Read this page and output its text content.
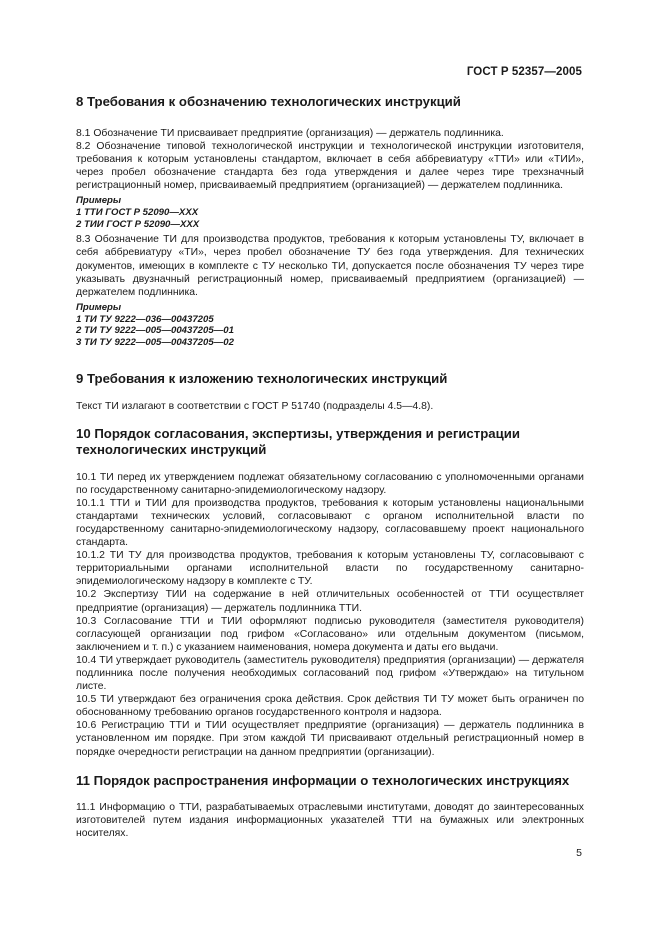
ГОСТ Р 52357—2005
8 Требования к обозначению технологических инструкций

8.1 Обозначение ТИ присваивает предприятие (организация) — держатель подлинника.

8.2 Обозначение типовой технологической инструкции и технологической инструкции изготовителя, требования к которым установлены стандартом, включает в себя аббревиатуру «ТТИ» или «ТИИ», через пробел обозначение стандарта без года утверждения и далее через тире трехзначный регистрационный номер, присваиваемый предприятием (организацией) — держателем подлинника.

Примеры
1 ТТИ ГОСТ Р 52090—ХХХ
2 ТИИ ГОСТ Р 52090—ХХХ

8.3 Обозначение ТИ для производства продуктов, требования к которым установлены ТУ, включает в себя аббревиатуру «ТИ», через пробел обозначение ТУ без года утверждения. Для технических документов, имеющих в комплекте с ТУ несколько ТИ, допускается после обозначения ТУ через тире указывать двузначный регистрационный номер, присваиваемый предприятием (организацией) — держателем подлинника.

Примеры
1 ТИ ТУ 9222—036—00437205
2 ТИ ТУ 9222—005—00437205—01
3 ТИ ТУ 9222—005—00437205—02
9 Требования к изложению технологических инструкций

Текст ТИ излагают в соответствии с ГОСТ Р 51740 (подразделы 4.5—4.8).

10 Порядок согласования, экспертизы, утверждения и регистрации технологических инструкций

10.1 ТИ перед их утверждением подлежат обязательному согласованию с уполномоченными органами по государственному санитарно-эпидемиологическому надзору.

10.1.1 ТТИ и ТИИ для производства продуктов, требования к которым установлены национальными стандартами технических условий, согласовывают с органом исполнительной власти по государственному санитарно-эпидемиологическому надзору, согласовавшему проект национального стандарта.

10.1.2 ТИ ТУ для производства продуктов, требования к которым установлены ТУ, согласовывают с территориальными органами исполнительной власти по государственному санитарно-эпидемиологическому надзору в комплекте с ТУ.

10.2 Экспертизу ТИИ на содержание в ней отличительных особенностей от ТТИ осуществляет предприятие (организация) — держатель подлинника ТТИ.

10.3 Согласование ТТИ и ТИИ оформляют подписью руководителя (заместителя руководителя) согласующей организации под грифом «Согласовано» или отдельным документом (письмом, заключением и т. п.) с указанием наименования, номера документа и даты его выдачи.

10.4 ТИ утверждает руководитель (заместитель руководителя) предприятия (организации) — держателя подлинника после получения необходимых согласований под грифом «Утверждаю» на титульном листе.

10.5 ТИ утверждают без ограничения срока действия. Срок действия ТИ ТУ может быть ограничен по обоснованному требованию органов государственного контроля и надзора.

10.6 Регистрацию ТТИ и ТИИ осуществляет предприятие (организация) — держатель подлинника в установленном им порядке. При этом каждой ТИ присваивают отдельный регистрационный номер в порядке очередности регистрации на данном предприятии (организации).

11 Порядок распространения информации о технологических инструкциях

11.1 Информацию о ТТИ, разрабатываемых отраслевыми институтами, доводят до заинтересованных изготовителей путем издания информационных указателей ТТИ на бумажных или электронных носителях.

5
